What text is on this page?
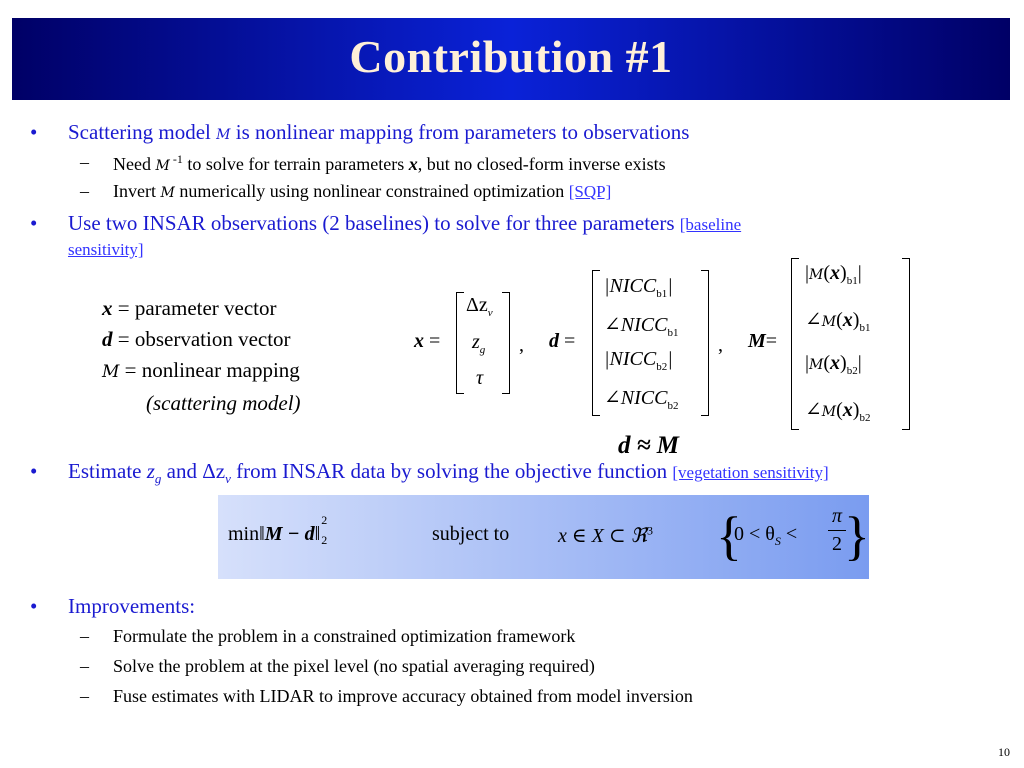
Contribution #1
• Scattering model M is nonlinear mapping from parameters to observations
– Need M $^{-1}$ to solve for terrain parameters x, but no closed-form inverse exists
– Invert M numerically using nonlinear constrained optimization [SQP]
• Use two INSAR observations (2 baselines) to solve for three parameters [baseline
sensitivity]
x = parameter vector
d = observation vector
M = nonlinear mapping
(scattering model)
x =
$\Delta z_v$
$z_g$
τ
, d =
$|NICC_{b1}|$
$\angle NICC_{b1}$
$|NICC_{b2}|$
$\angle NICC_{b2}$
, M=
$|M(x)_{b1}|$
$\angle M(x)_{b1}$
$|M(x)_{b2}|$
$\angle M(x)_{b2}$
d ≈ M
• Estimate $z_g$ and $\Delta z_v$ from INSAR data by solving the objective function [vegetation sensitivity]
min‖M − d‖
2
2	subject to x ∈ X ⊂ ℜ$^3$ {
$0 < \theta_S$ <
π
2 }
• Improvements:
– Formulate the problem in a constrained optimization framework
– Solve the problem at the pixel level (no spatial averaging required)
– Fuse estimates with LIDAR to improve accuracy obtained from model inversion
10
